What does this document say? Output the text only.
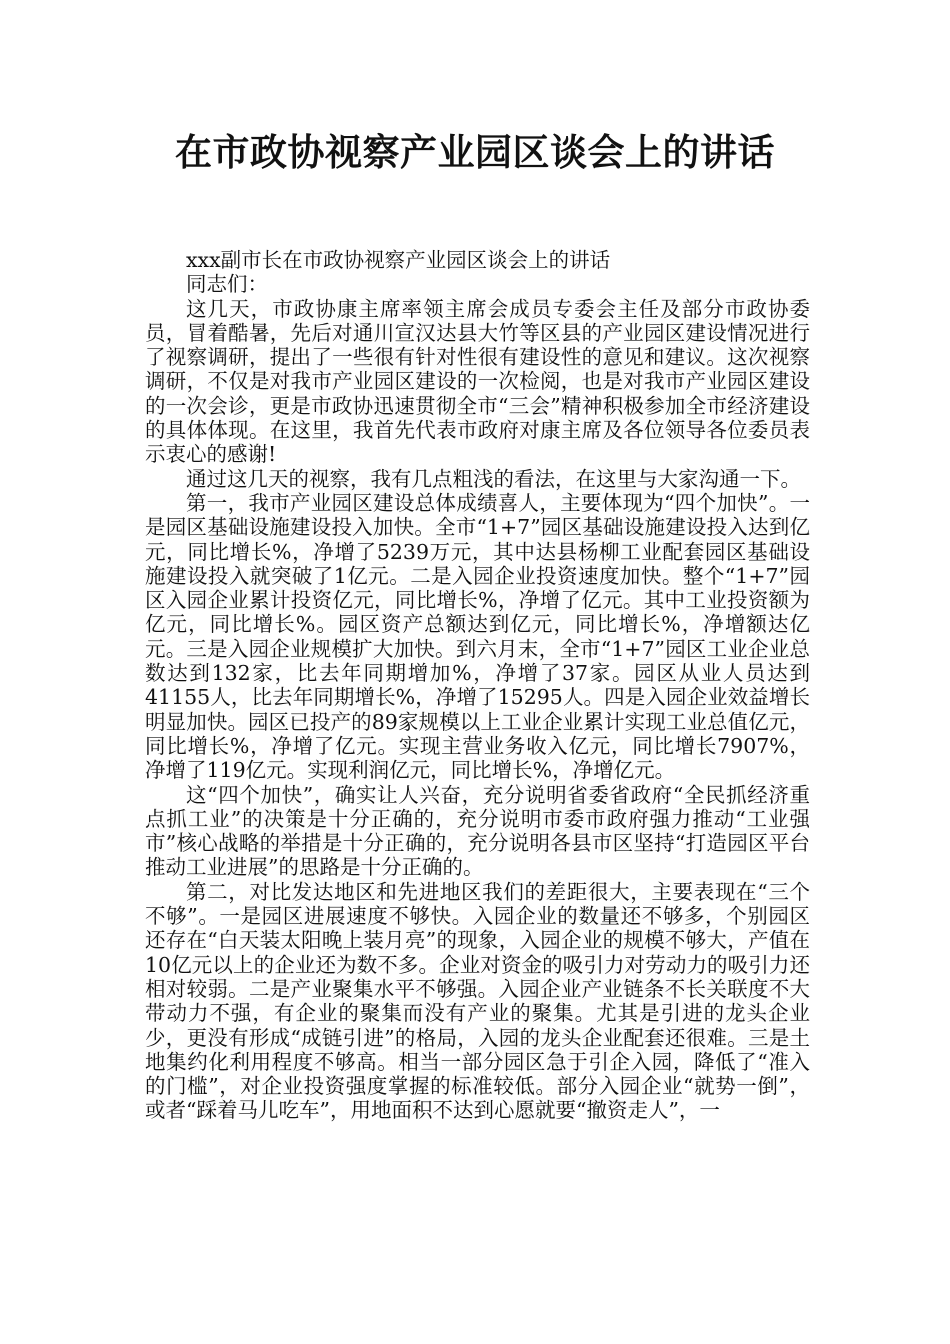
在市政协视察产业园区谈会上的讲话

xxx副市长在市政协视察产业园区谈会上的讲话

同志们：

这几天，市政协康主席率领主席会成员专委会主任及部分市政协委员，冒着酷暑，先后对通川宣汉达县大竹等区县的产业园区建设情况进行了视察调研，提出了一些很有针对性很有建设性的意见和建议。这次视察调研，不仅是对我市产业园区建设的一次检阅，也是对我市产业园区建设的一次会诊，更是市政协迅速贯彻全市“三会”精神积极参加全市经济建设的具体体现。在这里，我首先代表市政府对康主席及各位领导各位委员表示衷心的感谢!

通过这几天的视察，我有几点粗浅的看法，在这里与大家沟通一下。

第一，我市产业园区建设总体成绩喜人，主要体现为“四个加快”。一是园区基础设施建设投入加快。全市“1+7”园区基础设施建设投入达到亿元，同比增长%，净增了5239万元，其中达县杨柳工业配套园区基础设施建设投入就突破了1亿元。二是入园企业投资速度加快。整个“1+7”园区入园企业累计投资亿元，同比增长%，净增了亿元。其中工业投资额为亿元，同比增长%。园区资产总额达到亿元，同比增长%，净增额达亿元。三是入园企业规模扩大加快。到六月末，全市“1+7”园区工业企业总数达到132家，比去年同期增加%，净增了37家。园区从业人员达到41155人，比去年同期增长%，净增了15295人。四是入园企业效益增长明显加快。园区已投产的89家规模以上工业企业累计实现工业总值亿元，同比增长%，净增了亿元。实现主营业务收入亿元，同比增长7907%，净增了119亿元。实现利润亿元，同比增长%，净增亿元。

这“四个加快”，确实让人兴奋，充分说明省委省政府“全民抓经济重点抓工业”的决策是十分正确的，充分说明市委市政府强力推动“工业强市”核心战略的举措是十分正确的，充分说明各县市区坚持“打造园区平台推动工业进展”的思路是十分正确的。

第二，对比发达地区和先进地区我们的差距很大，主要表现在“三个不够”。一是园区进展速度不够快。入园企业的数量还不够多，个别园区还存在“白天装太阳晚上装月亮”的现象，入园企业的规模不够大，产值在10亿元以上的企业还为数不多。企业对资金的吸引力对劳动力的吸引力还相对较弱。二是产业聚集水平不够强。入园企业产业链条不长关联度不大带动力不强，有企业的聚集而没有产业的聚集。尤其是引进的龙头企业少，更没有形成“成链引进”的格局，入园的龙头企业配套还很难。三是土地集约化利用程度不够高。相当一部分园区急于引企入园，降低了“准入的门槛”，对企业投资强度掌握的标准较低。部分入园企业“就势一倒”，或者“踩着马儿吃车”，用地面积不达到心愿就要“撤资走人”，一
